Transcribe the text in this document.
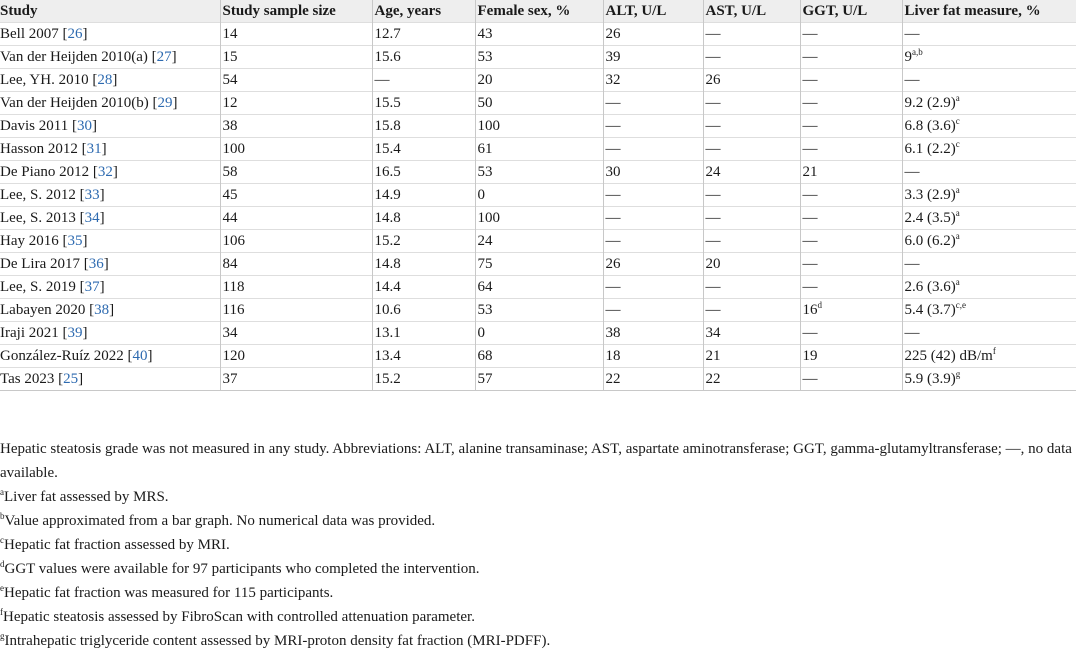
Study	Study sample size	Age, years	Female sex, %	ALT, U/L	AST, U/L	GGT, U/L	Liver fat measure, %
Bell 2007 [26]	14	12.7	43	26	—	—	—
Van der Heijden 2010(a) [27]	15	15.6	53	39	—	—	9$^{a,b}$
Lee, YH. 2010 [28]	54	—	20	32	26	—	—
Van der Heijden 2010(b) [29]	12	15.5	50	—	—	—	9.2 $(2.9)^a$
Davis 2011 [30]	38	15.8	100	—	—	—	6.8 $(3.6)^c$
Hasson 2012 [31]	100	15.4	61	—	—	—	6.1 $(2.2)^c$
De Piano 2012 [32]	58	16.5	53	30	24	21	—
Lee, S. 2012 [33]	45	14.9	0	—	—	—	3.3 $(2.9)^a$
Lee, S. 2013 [34]	44	14.8	100	—	—	—	2.4 $(3.5)^a$
Hay 2016 [35]	106	15.2	24	—	—	—	6.0 $(6.2)^a$
De Lira 2017 [36]	84	14.8	75	26	20	—	—
Lee, S. 2019 [37]	118	14.4	64	—	—	—	2.6 $(3.6)^a$
Labayen 2020 [38]	116	10.6	53	—	—	16$^d$	5.4 $(3.7)^{c,e}$
Iraji 2021 [39]	34	13.1	0	38	34	—	—
González-Ruíz 2022 [40]	120	13.4	68	18	21	19	225 (42) $dB/m^f$
Tas 2023 [25]	37	15.2	57	22	22	—	5.9 $(3.9)^g$

Hepatic steatosis grade was not measured in any study. Abbreviations: ALT, alanine transaminase; AST, aspartate aminotransferase; GGT, gamma-glutamyltransferase; —, no data available.

$^a$Liver fat assessed by MRS.

$^b$Value approximated from a bar graph. No numerical data was provided.

$^c$Hepatic fat fraction assessed by MRI.

$^d$GGT values were available for 97 participants who completed the intervention.

$^e$Hepatic fat fraction was measured for 115 participants.

$^f$Hepatic steatosis assessed by FibroScan with controlled attenuation parameter.

$^g$Intrahepatic triglyceride content assessed by MRI-proton density fat fraction (MRI-PDFF).
